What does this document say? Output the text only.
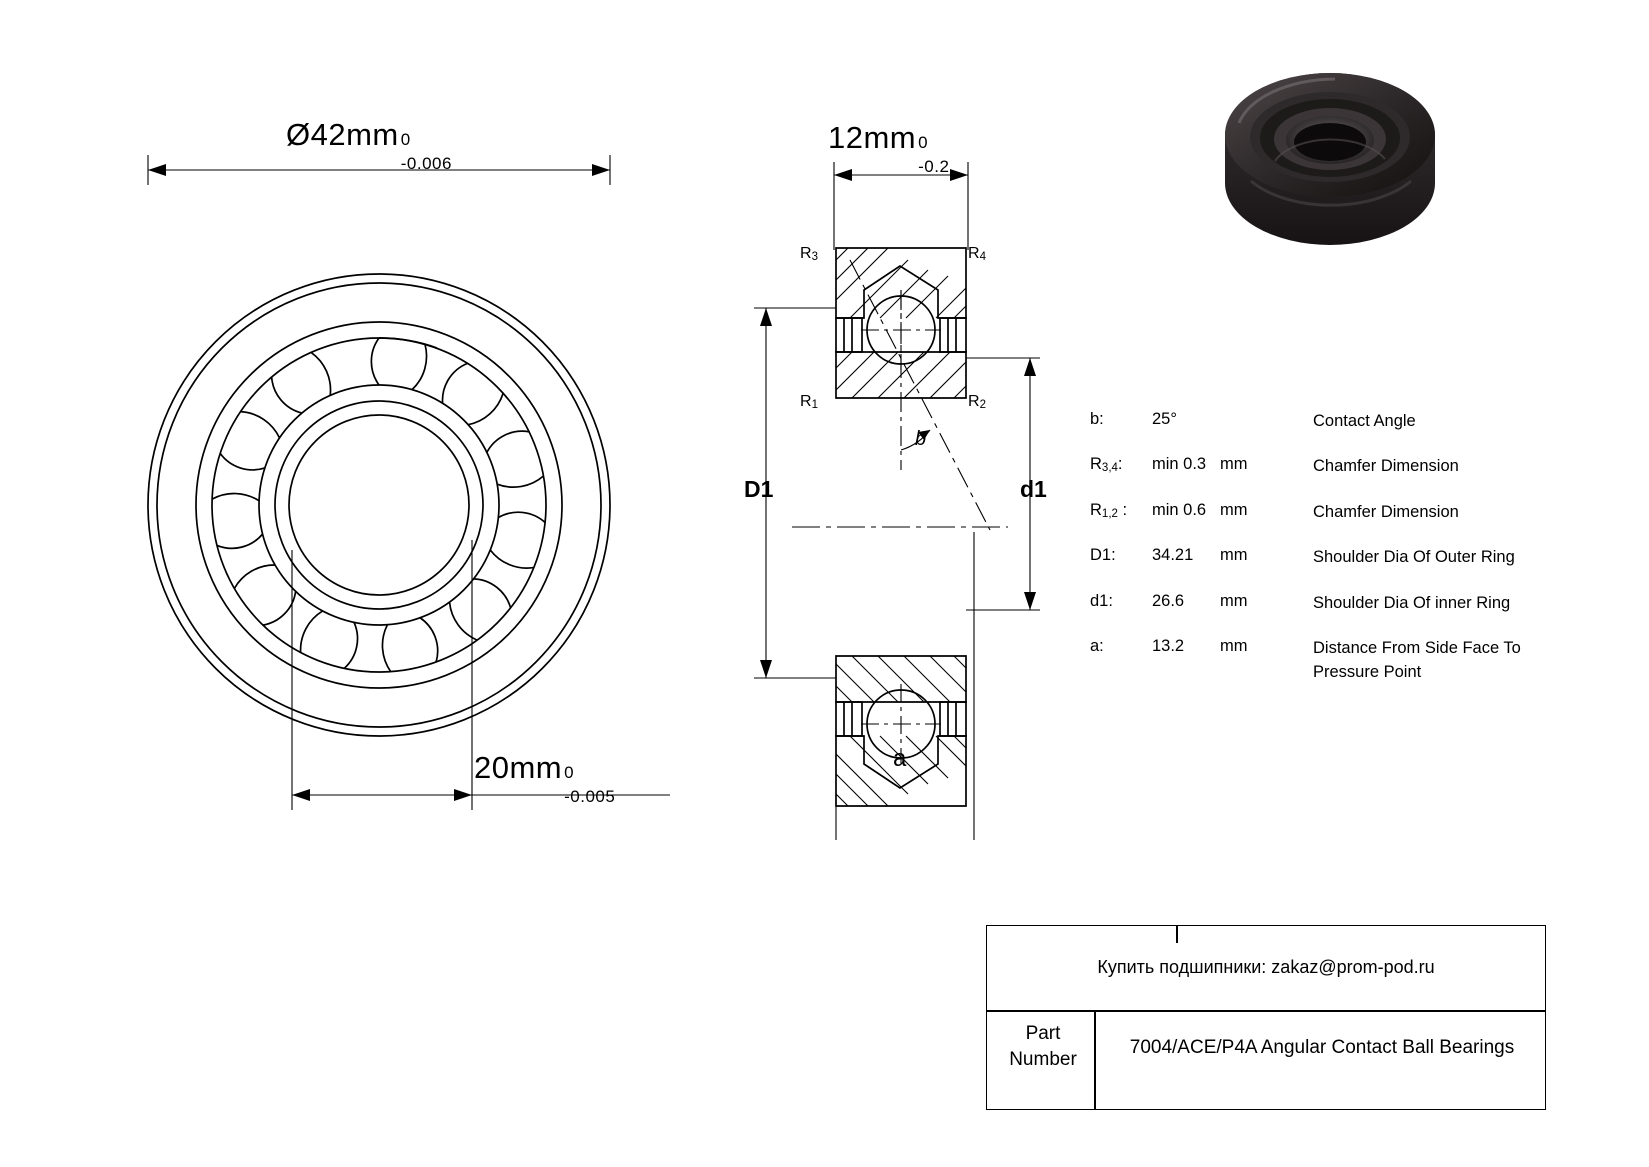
Ø42mm 0
-0.006
20mm 0
-0.005
12mm 0
-0.2
R3	R4
R1	R2
D1	d1
b
a
b:	25°	Contact Angle
R3,4:	min 0.3 mm	Chamfer Dimension
R1,2 :	min 0.6 mm	Chamfer Dimension
D1:	34.21	mm	Shoulder Dia Of Outer Ring
d1:	26.6	mm	Shoulder Dia Of inner Ring
a:	13.2	mm	Distance From Side Face To Pressure Point
Купить подшипники: zakaz@prom-pod.ru
Part Number
7004/ACE/P4A Angular Contact Ball Bearings
